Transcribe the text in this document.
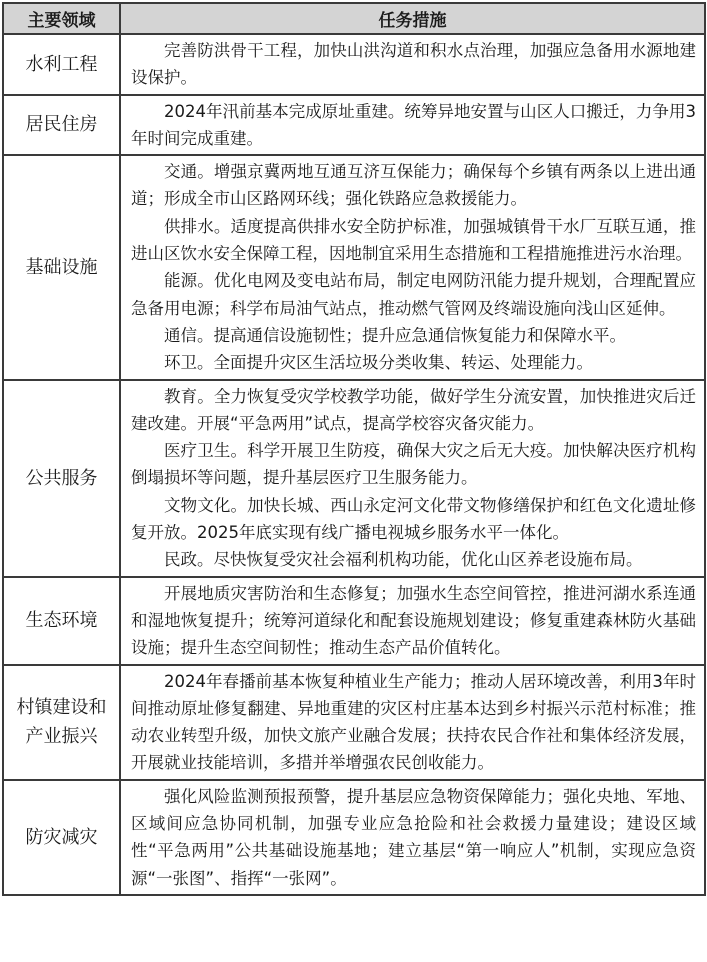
主要领域	任务措施
水利工程	完善防洪骨干工程，加快山洪沟道和积水点治理，加强应急备用水源地建设保护。

居民住房	2024年汛前基本完成原址重建。统筹异地安置与山区人口搬迁，力争用3年时间完成重建。

基础设施	交通。增强京冀两地互通互济互保能力；确保每个乡镇有两条以上进出通道；形成全市山区路网环线；强化铁路应急救援能力。

供排水。适度提高供排水安全防护标准，加强城镇骨干水厂互联互通，推进山区饮水安全保障工程，因地制宜采用生态措施和工程措施推进污水治理。

能源。优化电网及变电站布局，制定电网防汛能力提升规划，合理配置应急备用电源；科学布局油气站点，推动燃气管网及终端设施向浅山区延伸。

通信。提高通信设施韧性；提升应急通信恢复能力和保障水平。

环卫。全面提升灾区生活垃圾分类收集、转运、处理能力。

公共服务	教育。全力恢复受灾学校教学功能，做好学生分流安置，加快推进灾后迁建改建。开展“平急两用”试点，提高学校容灾备灾能力。

医疗卫生。科学开展卫生防疫，确保大灾之后无大疫。加快解决医疗机构倒塌损坏等问题，提升基层医疗卫生服务能力。

文物文化。加快长城、西山永定河文化带文物修缮保护和红色文化遗址修复开放。2025年底实现有线广播电视城乡服务水平一体化。

民政。尽快恢复受灾社会福利机构功能，优化山区养老设施布局。

生态环境	开展地质灾害防治和生态修复；加强水生态空间管控，推进河湖水系连通和湿地恢复提升；统筹河道绿化和配套设施规划建设；修复重建森林防火基础设施；提升生态空间韧性；推动生态产品价值转化。

村镇建设和产业振兴	2024年春播前基本恢复种植业生产能力；推动人居环境改善，利用3年时间推动原址修复翻建、异地重建的灾区村庄基本达到乡村振兴示范村标准；推动农业转型升级，加快文旅产业融合发展；扶持农民合作社和集体经济发展，开展就业技能培训，多措并举增强农民创收能力。

防灾减灾	强化风险监测预报预警，提升基层应急物资保障能力；强化央地、军地、区域间应急协同机制，加强专业应急抢险和社会救援力量建设；建设区域性“平急两用”公共基础设施基地；建立基层“第一响应人”机制，实现应急资源“一张图”、指挥“一张网”。
